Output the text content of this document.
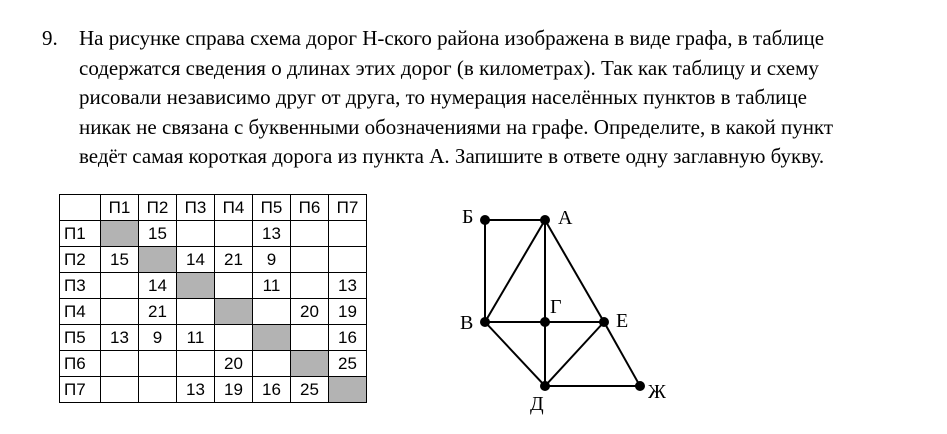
9. На рисунке справа схема дорог Н-ского района изображена в виде графа, в таблице
содержатся сведения о длинах этих дорог (в километрах). Так как таблицу и схему
рисовали независимо друг от друга, то нумерация населённых пунктов в таблице
никак не связана с буквенными обозначениями на графе. Определите, в какой пункт
ведёт самая короткая дорога из пункта А. Запишите в ответе одну заглавную букву.
	П1	П2	П3	П4	П5	П6	П7
П1		15			13		
П2	15		14	21	9		
П3		14			11		13
П4		21				20	19
П5	13	9	11				16
П6				20			25
П7			13	19	16	25	
Б	А
В
Г
Е
Д
Ж
